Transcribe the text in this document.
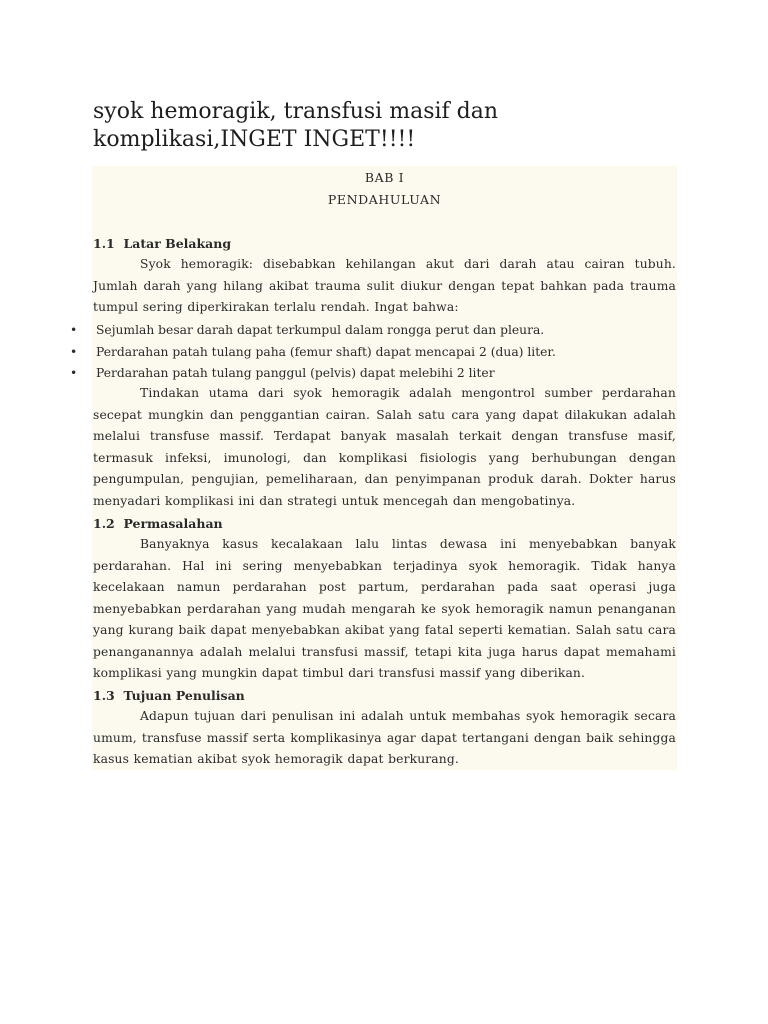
syok hemoragik, transfusi masif dan komplikasi,INGET INGET!!!!
BAB I
PENDAHULUAN
1.1  Latar Belakang

Syok hemoragik: disebabkan kehilangan akut dari darah atau cairan tubuh. Jumlah darah yang hilang akibat trauma sulit diukur dengan tepat bahkan pada trauma tumpul sering diperkirakan terlalu rendah. Ingat bahwa:

• Sejumlah besar darah dapat terkumpul dalam rongga perut dan pleura.
• Perdarahan patah tulang paha (femur shaft) dapat mencapai 2 (dua) liter.
• Perdarahan patah tulang panggul (pelvis) dapat melebihi 2 liter

Tindakan utama dari syok hemoragik adalah mengontrol sumber perdarahan secepat mungkin dan penggantian cairan. Salah satu cara yang dapat dilakukan adalah melalui transfuse massif. Terdapat banyak masalah terkait dengan transfuse masif, termasuk infeksi, imunologi, dan komplikasi fisiologis yang berhubungan dengan pengumpulan, pengujian, pemeliharaan, dan penyimpanan produk darah. Dokter harus menyadari komplikasi ini dan strategi untuk mencegah dan mengobatinya.

1.2  Permasalahan

Banyaknya kasus kecalakaan lalu lintas dewasa ini menyebabkan banyak perdarahan. Hal ini sering menyebabkan terjadinya syok hemoragik. Tidak hanya kecelakaan namun perdarahan post partum, perdarahan pada saat operasi juga menyebabkan perdarahan yang mudah mengarah ke syok hemoragik namun penanganan yang kurang baik dapat menyebabkan akibat yang fatal seperti kematian. Salah satu cara penanganannya adalah melalui transfusi massif, tetapi kita juga harus dapat memahami komplikasi yang mungkin dapat timbul dari transfusi massif yang diberikan.

1.3  Tujuan Penulisan

Adapun tujuan dari penulisan ini adalah untuk membahas syok hemoragik secara umum, transfuse massif serta komplikasinya agar dapat tertangani dengan baik sehingga kasus kematian akibat syok hemoragik dapat berkurang.
